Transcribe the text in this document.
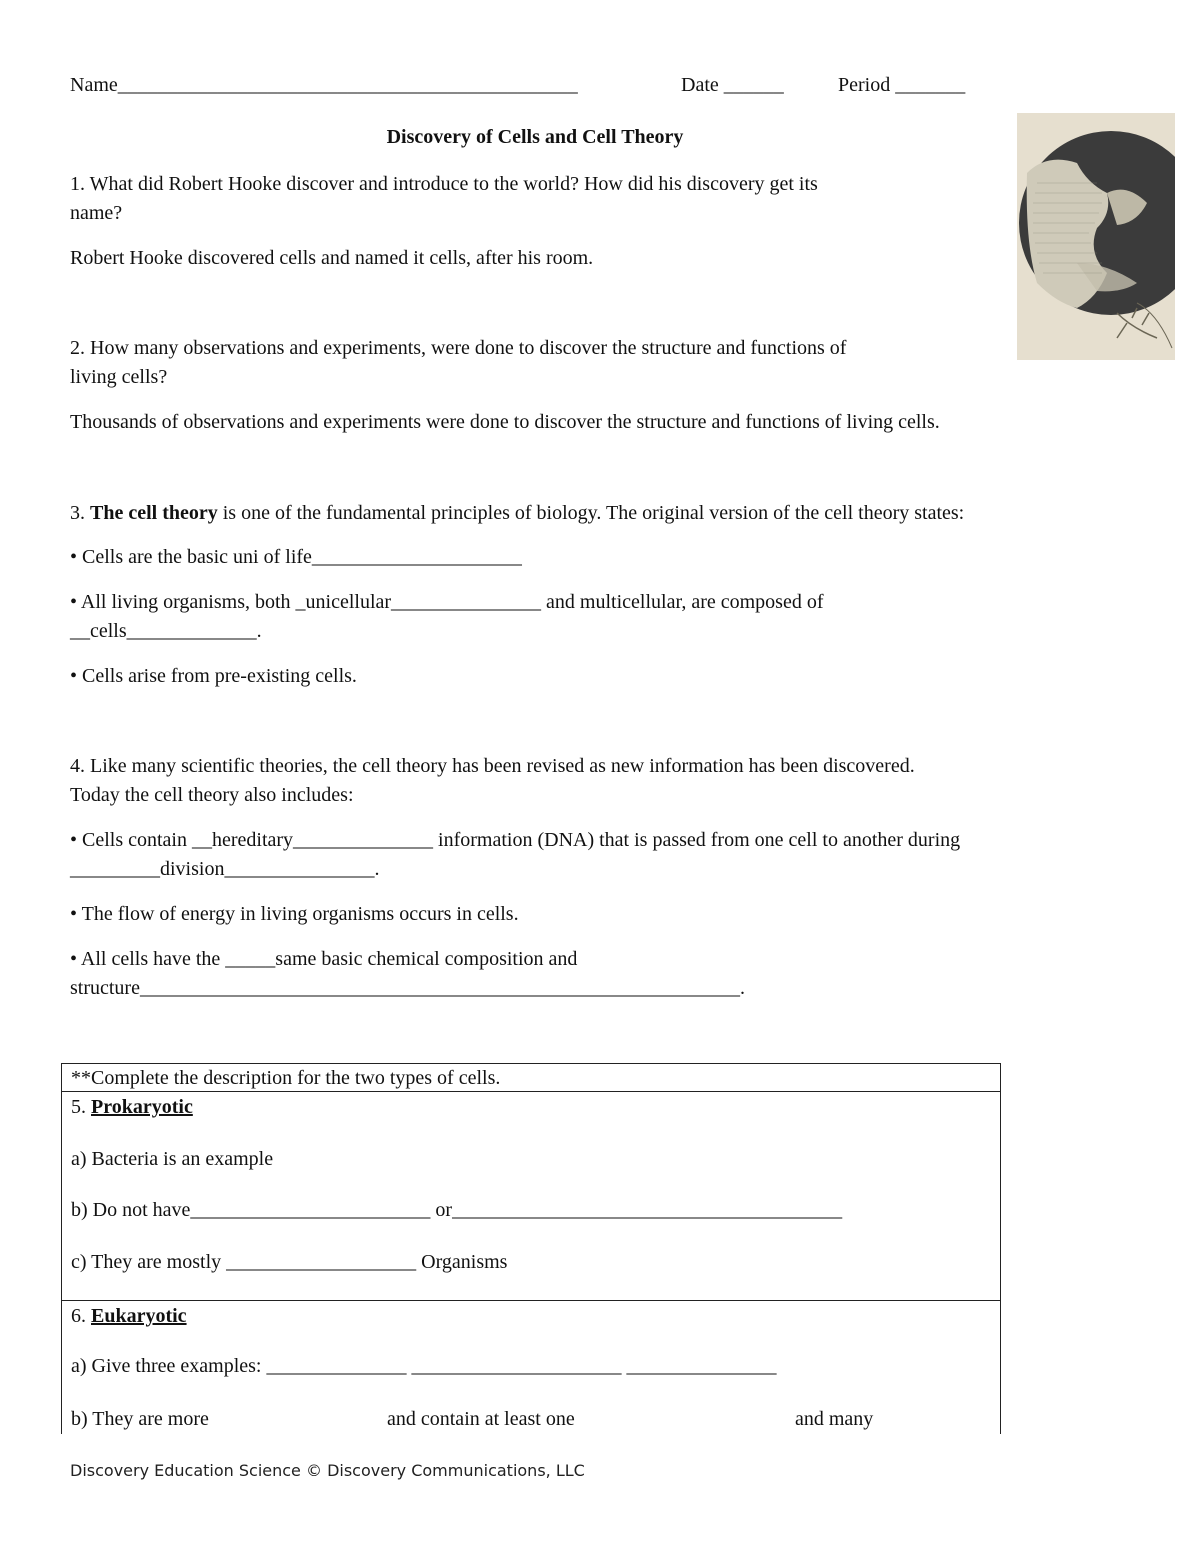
Name______________________________________________	Date ______	Period _______
Discovery of Cells and Cell Theory
1. What did Robert Hooke discover and introduce to the world? How did his discovery get its
name?
Robert Hooke discovered cells and named it cells, after his room.
2. How many observations and experiments, were done to discover the structure and functions of
living cells?
Thousands of observations and experiments were done to discover the structure and functions of living cells.
3. The cell theory is one of the fundamental principles of biology. The original version of the cell theory states:
• Cells are the basic uni of life_____________________
• All living organisms, both _unicellular_______________ and multicellular, are composed of
__cells_____________.
• Cells arise from pre-existing cells.
4. Like many scientific theories, the cell theory has been revised as new information has been discovered.
Today the cell theory also includes:
• Cells contain __hereditary______________ information (DNA) that is passed from one cell to another during
_________division_______________.
• The flow of energy in living organisms occurs in cells.
• All cells have the _____same basic chemical composition and
structure____________________________________________________________.
**Complete the description for the two types of cells.
5. Prokaryotic
a) Bacteria is an example
b) Do not have________________________ or_______________________________________
c) They are mostly ___________________ Organisms
6. Eukaryotic
a) Give three examples: ______________ _____________________ _______________
b) They are more	and contain at least one	and many
Discovery Education Science © Discovery Communications, LLC
